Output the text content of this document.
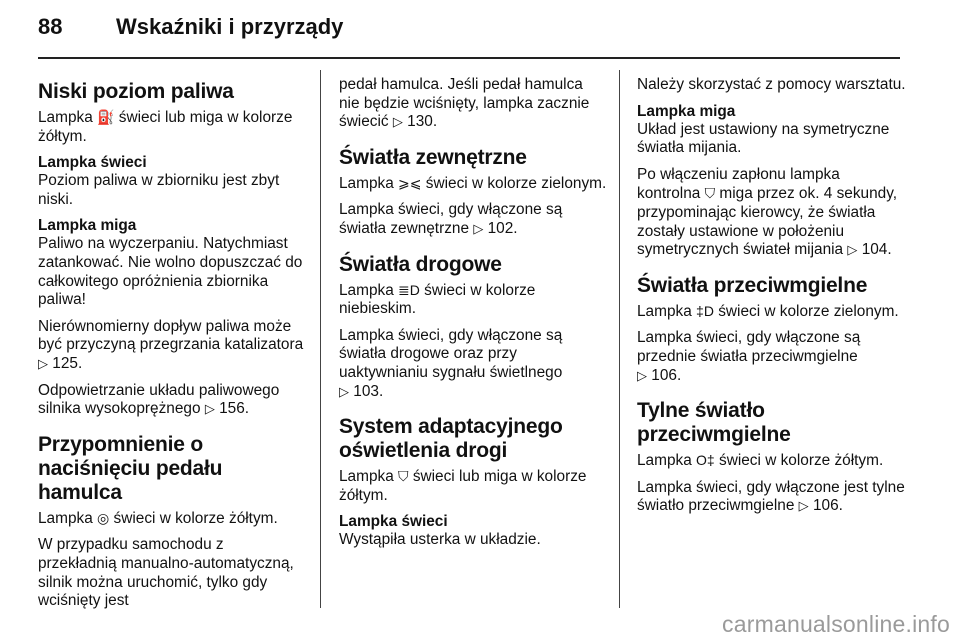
88 Wskaźniki i przyrządy
Niski poziom paliwa

Lampka ⛽ świeci lub miga w kolorze żółtym.

Lampka świeci

Poziom paliwa w zbiorniku jest zbyt niski.

Lampka miga

Paliwo na wyczerpaniu. Natychmiast zatankować. Nie wolno dopuszczać do całkowitego opróżnienia zbiornika paliwa!

Nierównomierny dopływ paliwa może być przyczyną przegrzania katalizatora ▷ 125.

Odpowietrzanie układu paliwowego silnika wysokoprężnego ▷ 156.

Przypomnienie o naciśnięciu pedału hamulca

Lampka ◎ świeci w kolorze żółtym.

W przypadku samochodu z przekładnią manualno-automatyczną, silnik można uruchomić, tylko gdy wciśnięty jest

pedał hamulca. Jeśli pedał hamulca nie będzie wciśnięty, lampka zacznie świecić ▷ 130.

Światła zewnętrzne

Lampka ⩾⩽ świeci w kolorze zielonym.

Lampka świeci, gdy włączone są światła zewnętrzne ▷ 102.

Światła drogowe

Lampka ≣D świeci w kolorze niebieskim.

Lampka świeci, gdy włączone są światła drogowe oraz przy uaktywnianiu sygnału świetlnego
▷ 103.

System adaptacyjnego oświetlenia drogi

Lampka ⛉ świeci lub miga w kolorze żółtym.

Lampka świeci

Wystąpiła usterka w układzie.

Należy skorzystać z pomocy warsztatu.

Lampka miga

Układ jest ustawiony na symetryczne światła mijania.

Po włączeniu zapłonu lampka kontrolna ⛉ miga przez ok. 4 sekundy, przypominając kierowcy, że światła zostały ustawione w położeniu symetrycznych świateł mijania ▷ 104.

Światła przeciwmgielne

Lampka ‡D świeci w kolorze zielonym.

Lampka świeci, gdy włączone są przednie światła przeciwmgielne
▷ 106.

Tylne światło przeciwmgielne

Lampka O‡ świeci w kolorze żółtym.

Lampka świeci, gdy włączone jest tylne światło przeciwmgielne ▷ 106.

carmanualsonline.info
